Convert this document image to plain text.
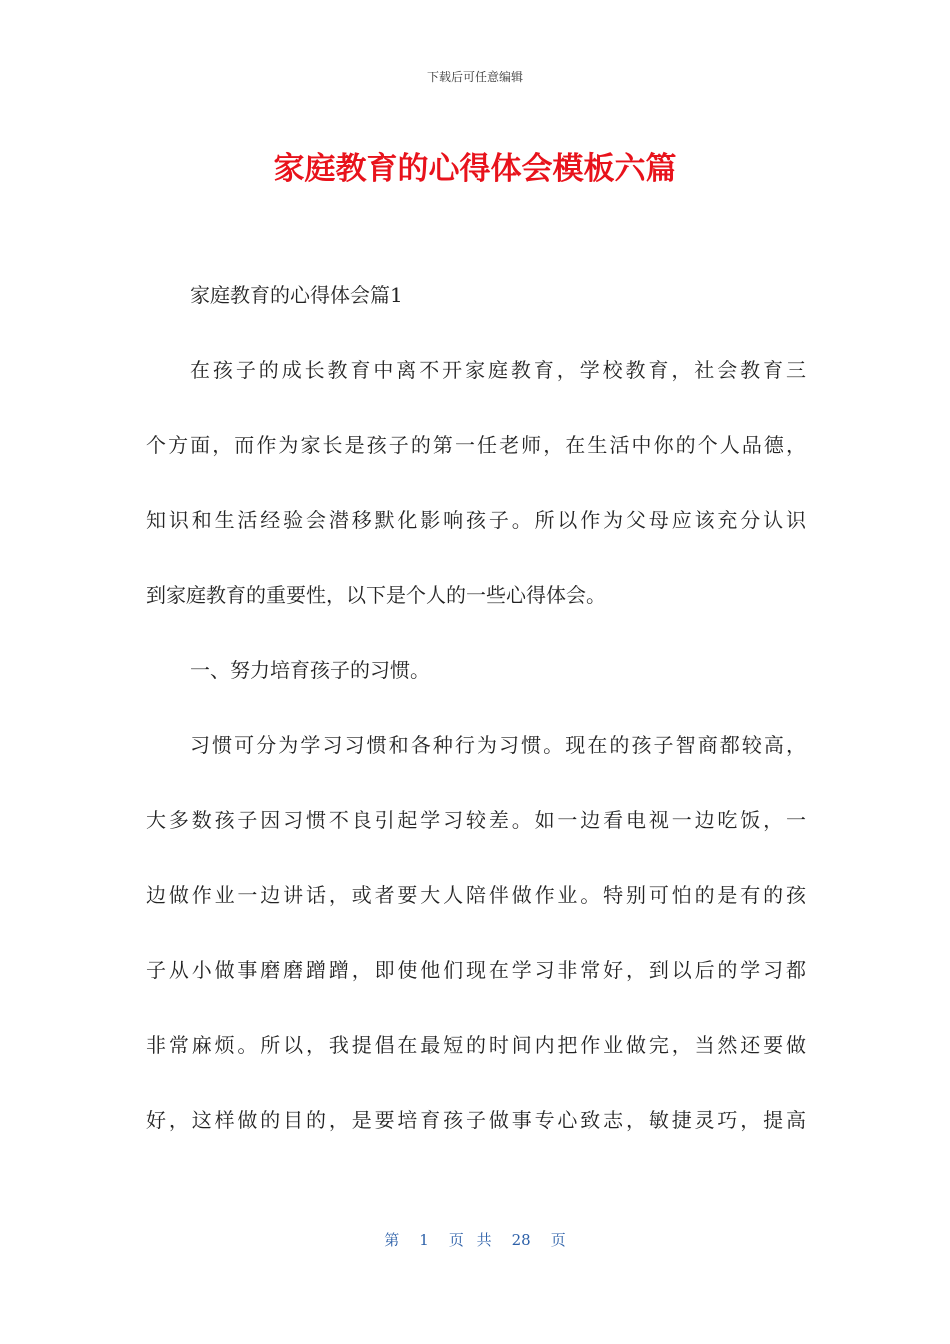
下载后可任意编辑
家庭教育的心得体会模板六篇

家庭教育的心得体会篇1

在孩子的成长教育中离不开家庭教育，学校教育，社会教育三
个方面，而作为家长是孩子的第一任老师，在生活中你的个人品德，
知识和生活经验会潜移默化影响孩子。所以作为父母应该充分认识
到家庭教育的重要性，以下是个人的一些心得体会。

一、努力培育孩子的习惯。

习惯可分为学习习惯和各种行为习惯。现在的孩子智商都较高，
大多数孩子因习惯不良引起学习较差。如一边看电视一边吃饭，一
边做作业一边讲话，或者要大人陪伴做作业。特别可怕的是有的孩
子从小做事磨磨蹭蹭，即使他们现在学习非常好，到以后的学习都
非常麻烦。所以，我提倡在最短的时间内把作业做完，当然还要做
好，这样做的目的，是要培育孩子做事专心致志，敏捷灵巧，提高

第 1 页 共 28 页
